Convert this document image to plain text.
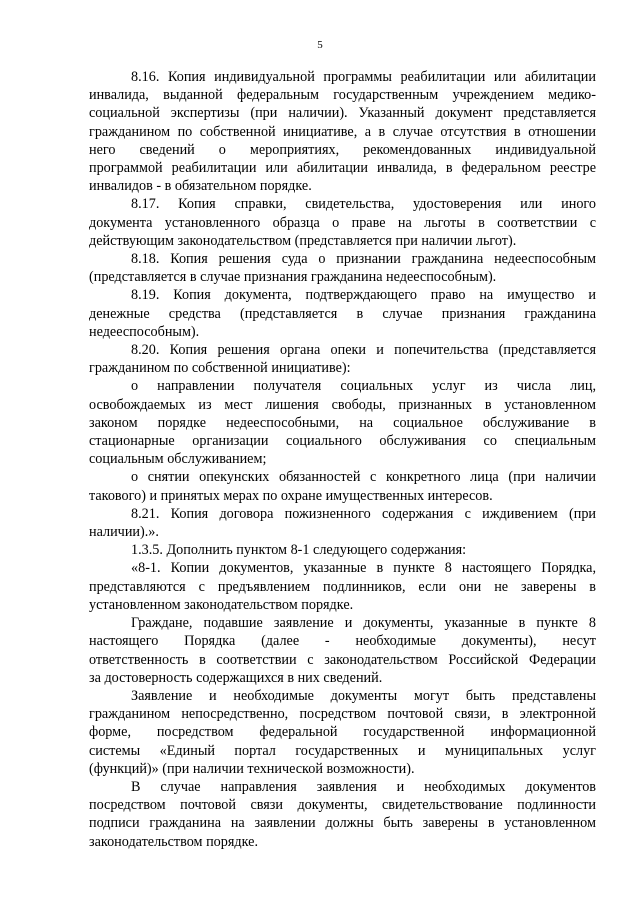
5
8.16. Копия индивидуальной программы реабилитации или абилитации
инвалида, выданной федеральным государственным учреждением медико-
социальной экспертизы (при наличии). Указанный документ представляется
гражданином по собственной инициативе, а в случае отсутствия в отношении
него сведений о мероприятиях, рекомендованных индивидуальной
программой реабилитации или абилитации инвалида, в федеральном реестре
инвалидов - в обязательном порядке.
8.17. Копия справки, свидетельства, удостоверения или иного
документа установленного образца о праве на льготы в соответствии с
действующим законодательством (представляется при наличии льгот).
8.18. Копия решения суда о признании гражданина недееспособным
(представляется в случае признания гражданина недееспособным).
8.19. Копия документа, подтверждающего право на имущество и
денежные средства (представляется в случае признания гражданина
недееспособным).
8.20. Копия решения органа опеки и попечительства (представляется
гражданином по собственной инициативе):
о направлении получателя социальных услуг из числа лиц,
освобождаемых из мест лишения свободы, признанных в установленном
законом порядке недееспособными, на социальное обслуживание в
стационарные организации социального обслуживания со специальным
социальным обслуживанием;
о снятии опекунских обязанностей с конкретного лица (при наличии
такового) и принятых мерах по охране имущественных интересов.
8.21. Копия договора пожизненного содержания с иждивением (при
наличии).».
1.3.5. Дополнить пунктом 8-1 следующего содержания:
«8-1. Копии документов, указанные в пункте 8 настоящего Порядка,
представляются с предъявлением подлинников, если они не заверены в
установленном законодательством порядке.
Граждане, подавшие заявление и документы, указанные в пункте 8
настоящего Порядка (далее - необходимые документы), несут
ответственность в соответствии с законодательством Российской Федерации
за достоверность содержащихся в них сведений.
Заявление и необходимые документы могут быть представлены
гражданином непосредственно, посредством почтовой связи, в электронной
форме, посредством федеральной государственной информационной
системы «Единый портал государственных и муниципальных услуг
(функций)» (при наличии технической возможности).
В случае направления заявления и необходимых документов
посредством почтовой связи документы, свидетельствование подлинности
подписи гражданина на заявлении должны быть заверены в установленном
законодательством порядке.
